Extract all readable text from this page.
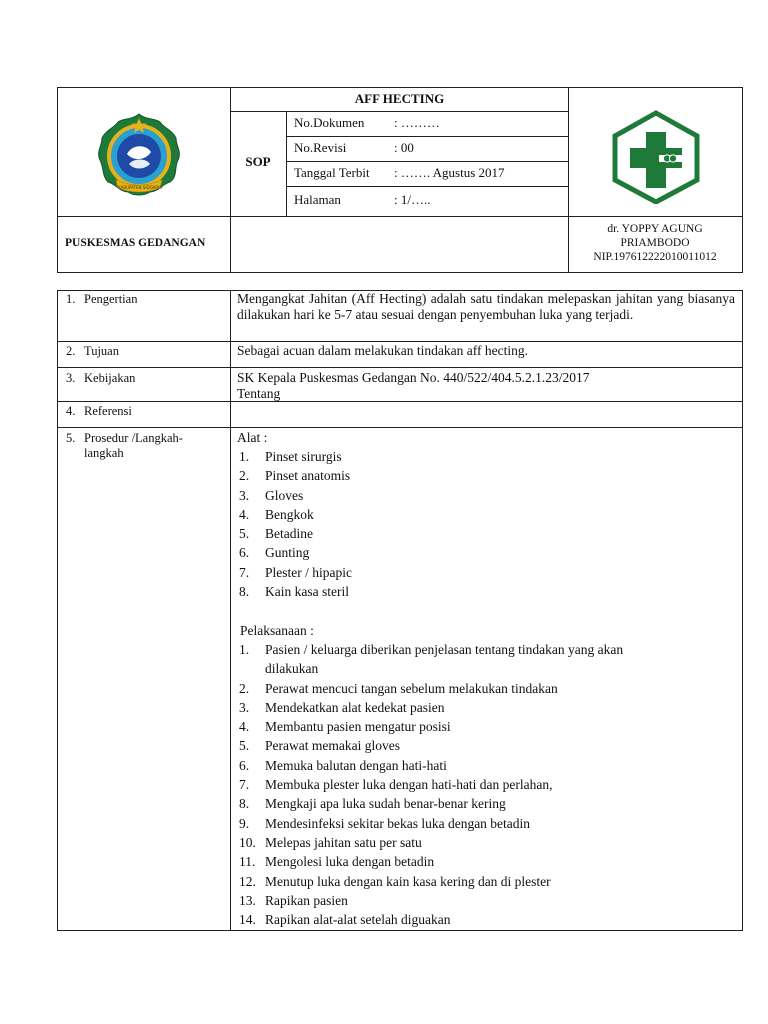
KABUPATEN SIDOARJO
AFF HECTING
SOP
No.Dokumen : ………
No.Revisi	: 00
Tanggal Terbit : ……. Agustus 2017
Halaman	: 1/…..
PUSKESMAS GEDANGAN
dr. YOPPY AGUNG
PRIAMBODO
NIP.197612222010011012
1. Pengertian	Mengangkat Jahitan (Aff Hecting) adalah satu tindakan melepaskan jahitan yang biasanya dilakukan hari ke 5-7 atau sesuai dengan penyembuhan luka yang terjadi.
2. Tujuan	Sebagai acuan dalam melakukan tindakan aff hecting.
3. Kebijakan	SK Kepala Puskesmas Gedangan No. 440/522/404.5.2.1.23/2017
Tentang
4. Referensi
5. Prosedur /Langkah-
langkah
Alat :
1.	Pinset sirurgis
2.	Pinset anatomis
3.	Gloves
4.	Bengkok
5.	Betadine
6.	Gunting
7.	Plester / hipapic
8.	Kain kasa steril
Pelaksanaan :
1.	Pasien / keluarga diberikan penjelasan tentang tindakan yang akan
dilakukan
2.	Perawat mencuci tangan sebelum melakukan tindakan
3.	Mendekatkan alat kedekat pasien
4.	Membantu pasien mengatur posisi
5.	Perawat memakai gloves
6.	Memuka balutan dengan hati-hati
7.	Membuka plester luka dengan hati-hati dan perlahan,
8.	Mengkaji apa luka sudah benar-benar kering
9.	Mendesinfeksi sekitar bekas luka dengan betadin
10. Melepas jahitan satu per satu
11. Mengolesi luka dengan betadin
12. Menutup luka dengan kain kasa kering dan di plester
13. Rapikan pasien
14. Rapikan alat-alat setelah diguakan
